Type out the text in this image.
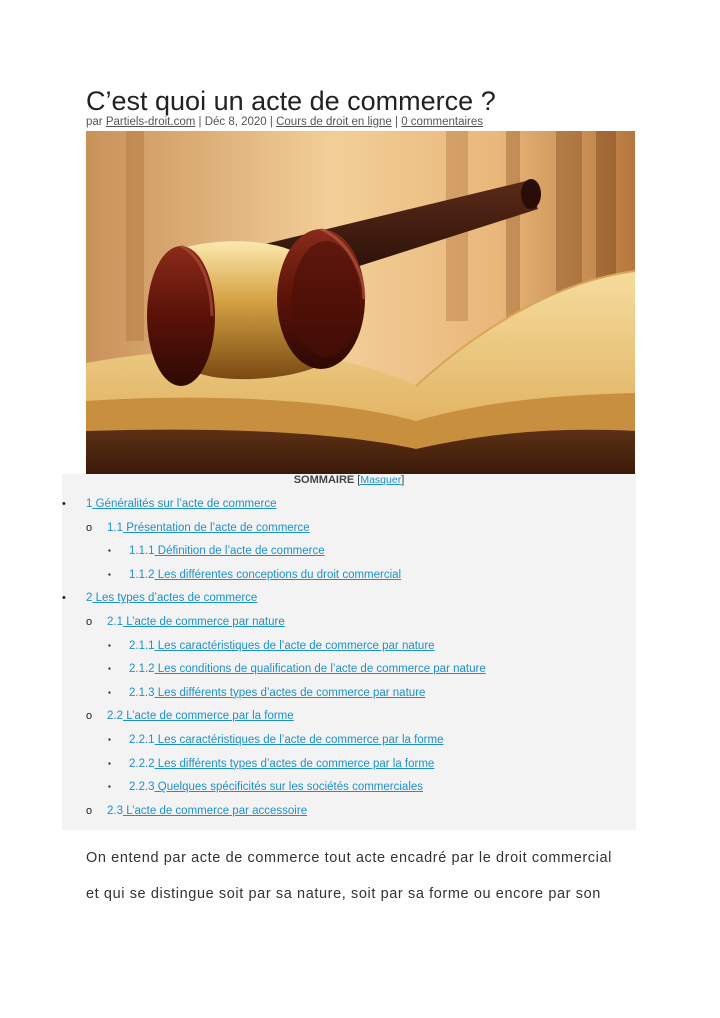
C’est quoi un acte de commerce ?
par Partiels-droit.com | Déc 8, 2020 | Cours de droit en ligne | 0 commentaires
SOMMAIRE [Masquer]
• 1 Généralités sur l’acte de commerce
o 1.1 Présentation de l’acte de commerce
▪ 1.1.1 Définition de l’acte de commerce
▪ 1.1.2 Les différentes conceptions du droit commercial
• 2 Les types d’actes de commerce
o 2.1 L’acte de commerce par nature
▪ 2.1.1 Les caractéristiques de l’acte de commerce par nature
▪ 2.1.2 Les conditions de qualification de l’acte de commerce par nature
▪ 2.1.3 Les différents types d’actes de commerce par nature
o 2.2 L’acte de commerce par la forme
▪ 2.2.1 Les caractéristiques de l’acte de commerce par la forme
▪ 2.2.2 Les différents types d’actes de commerce par la forme
▪ 2.2.3 Quelques spécificités sur les sociétés commerciales
o 2.3 L’acte de commerce par accessoire
On entend par acte de commerce tout acte encadré par le droit commercial
et qui se distingue soit par sa nature, soit par sa forme ou encore par son
